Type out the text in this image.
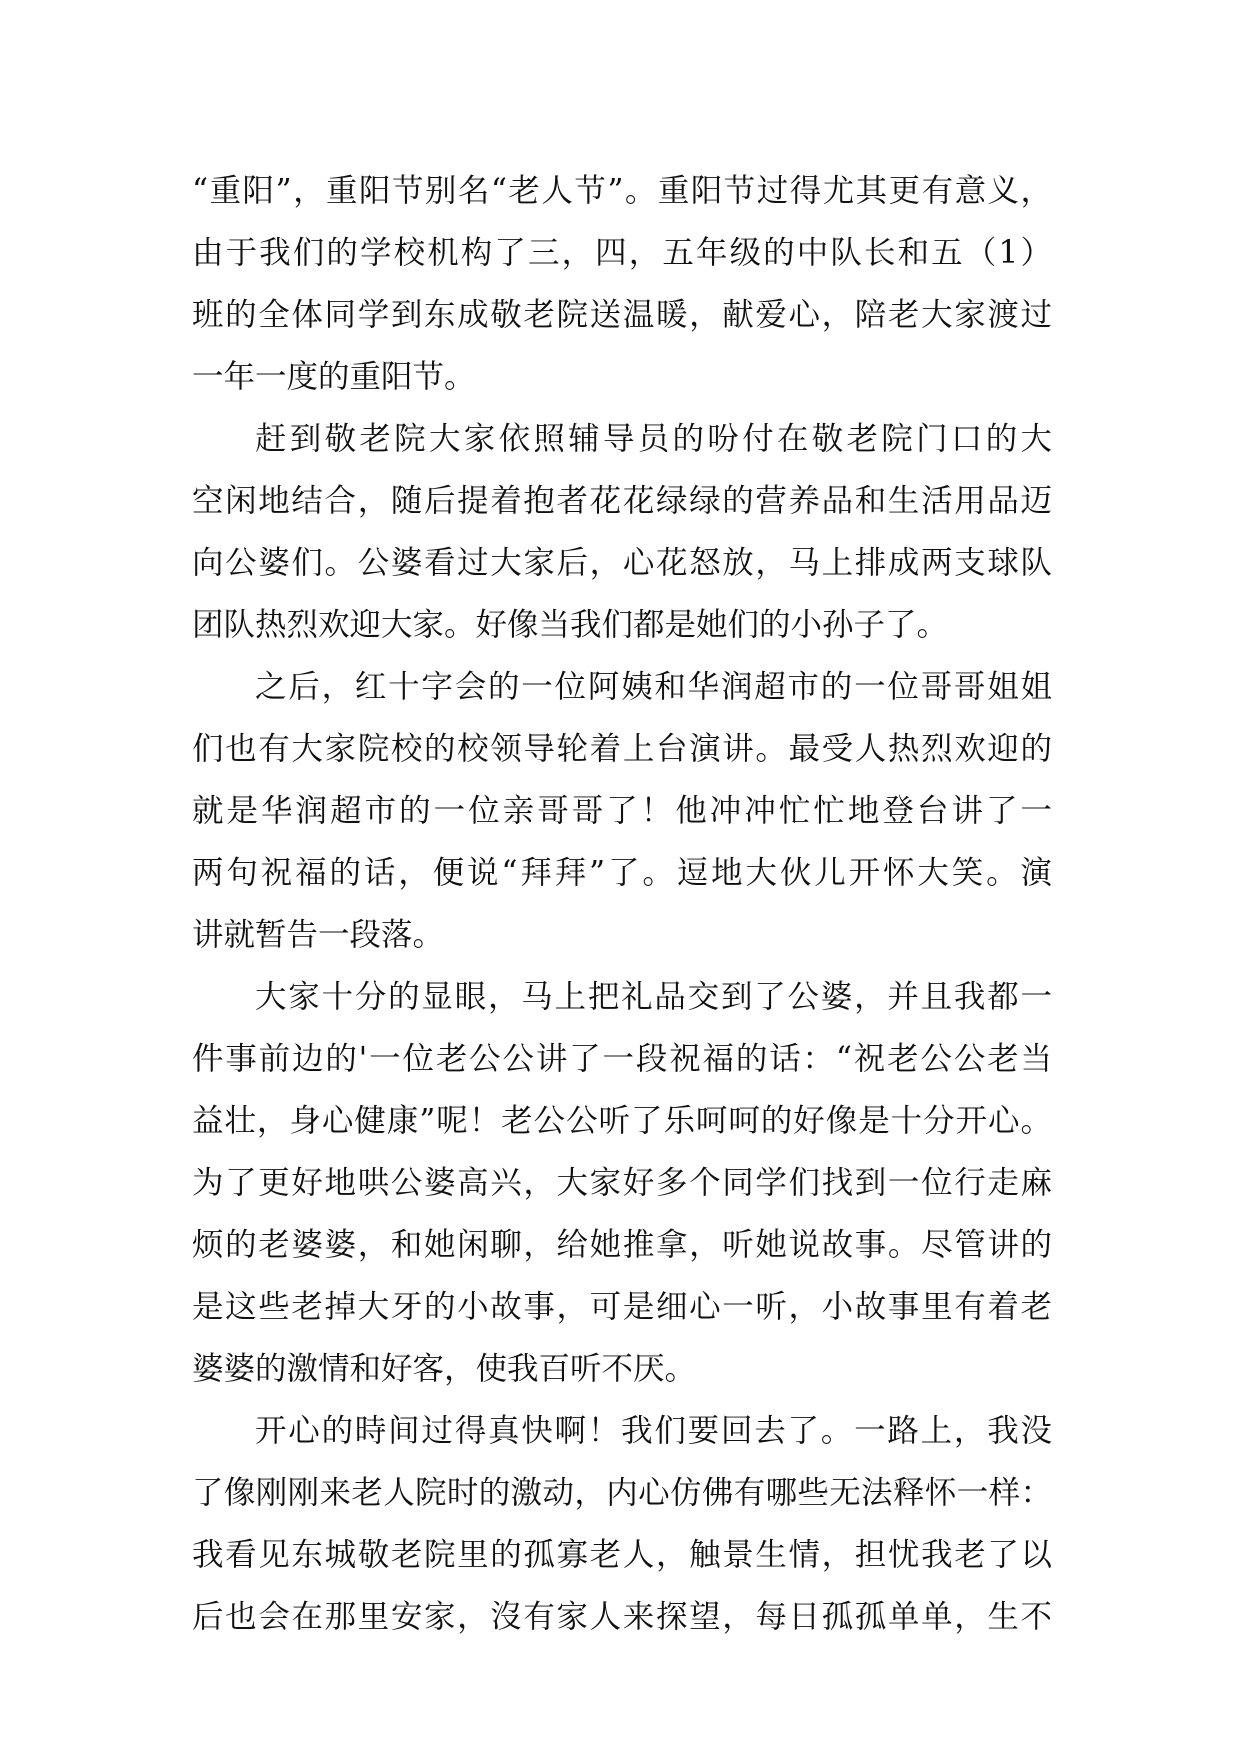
“重阳”，重阳节别名“老人节”。重阳节过得尤其更有意义，
由于我们的学校机构了三，四，五年级的中队长和五（1）
班的全体同学到东成敬老院送温暖，献爱心，陪老大家渡过
一年一度的重阳节。
赶到敬老院大家依照辅导员的吩付在敬老院门口的大
空闲地结合，随后提着抱者花花绿绿的营养品和生活用品迈
向公婆们。公婆看过大家后，心花怒放，马上排成两支球队
团队热烈欢迎大家。好像当我们都是她们的小孙子了。
之后，红十字会的一位阿姨和华润超市的一位哥哥姐姐
们也有大家院校的校领导轮着上台演讲。最受人热烈欢迎的
就是华润超市的一位亲哥哥了！他冲冲忙忙地登台讲了一
两句祝福的话，便说“拜拜”了。逗地大伙儿开怀大笑。演
讲就暂告一段落。
大家十分的显眼，马上把礼品交到了公婆，并且我都一
件事前边的'一位老公公讲了一段祝福的话：“祝老公公老当
益壮，身心健康”呢！老公公听了乐呵呵的好像是十分开心。
为了更好地哄公婆高兴，大家好多个同学们找到一位行走麻
烦的老婆婆，和她闲聊，给她推拿，听她说故事。尽管讲的
是这些老掉大牙的小故事，可是细心一听，小故事里有着老
婆婆的激情和好客，使我百听不厌。
开心的時间过得真快啊！我们要回去了。一路上，我没
了像刚刚来老人院时的激动，内心仿佛有哪些无法释怀一样：
我看见东城敬老院里的孤寡老人，触景生情，担忧我老了以
后也会在那里安家，沒有家人来探望，每日孤孤单单，生不
